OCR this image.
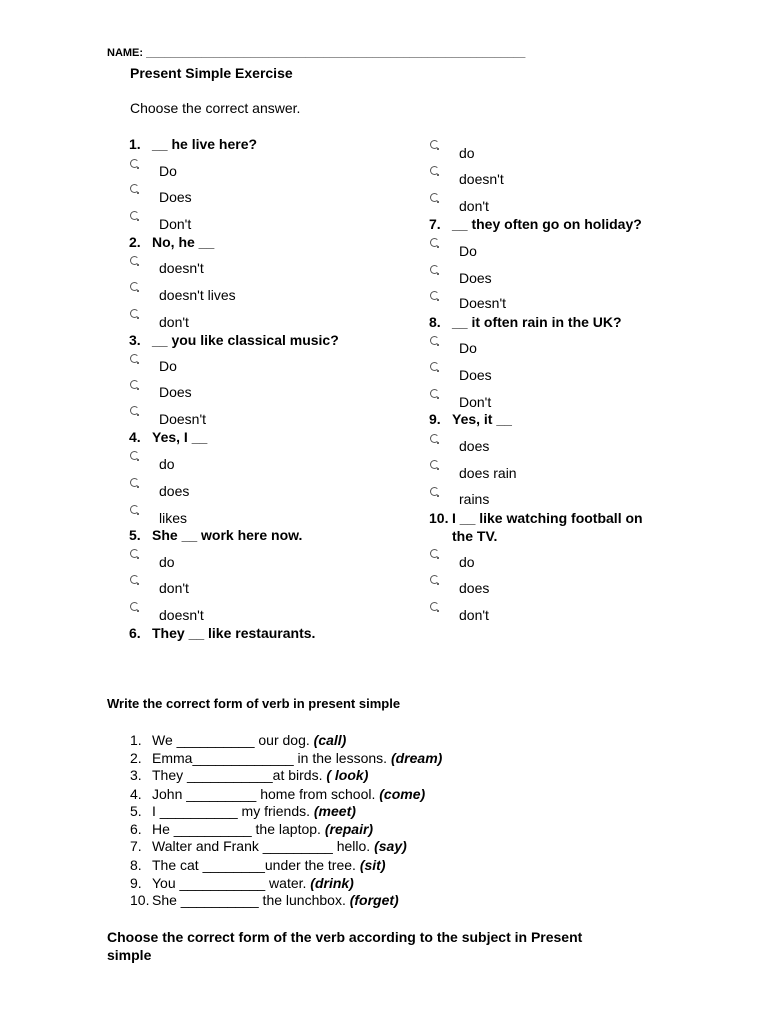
NAME: ______________________________________________________________
Present Simple Exercise
Choose the correct answer.
1. __ he live here?
Do
Does
Don't
2. No, he __
doesn't
doesn't lives
don't
3. __ you like classical music?
Do
Does
Doesn't
4. Yes, I __
do
does
likes
5. She __ work here now.
do
don't
doesn't
6. They __ like restaurants.
do
doesn't
don't
7. __ they often go on holiday?
Do
Does
Doesn't
8. __ it often rain in the UK?
Do
Does
Don't
9. Yes, it __
does
does rain
rains
10. I __ like watching football on
the TV.
do
does
don't
Write the correct form of verb in present simple
1. We __________ our dog. (call)
2. Emma_____________ in the lessons. (dream)
3. They ___________at birds. ( look)
4. John _________ home from school. (come)
5. I __________ my friends. (meet)
6. He __________ the laptop. (repair)
7. Walter and Frank _________ hello. (say)
8. The cat ________under the tree. (sit)
9. You ___________ water. (drink)
10. She __________ the lunchbox. (forget)
Choose the correct form of the verb according to the subject in Present
simple
